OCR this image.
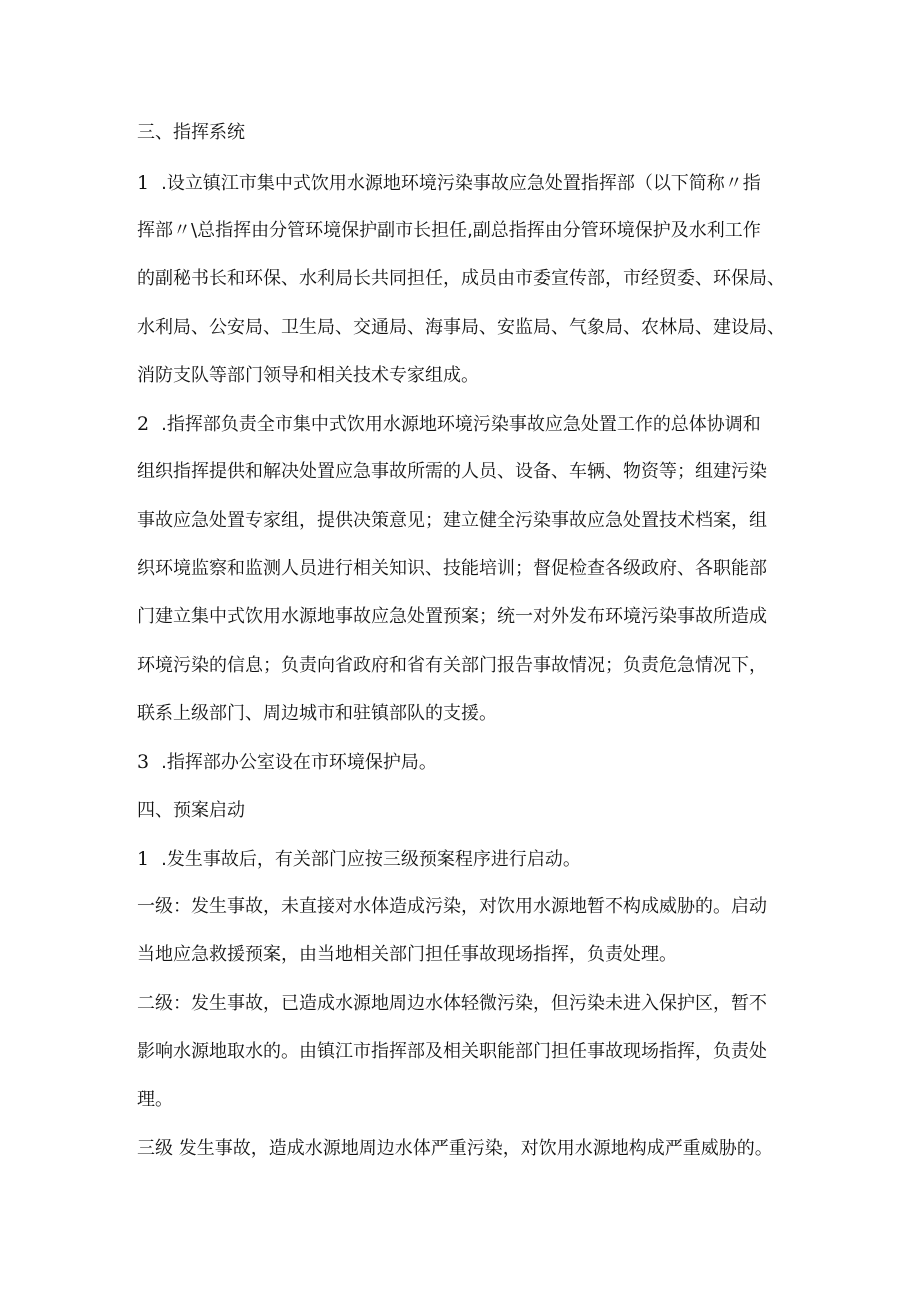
三、指挥系统
1 .设立镇江市集中式饮用水源地环境污染事故应急处置指挥部（以下简称〃指
挥部〃\总指挥由分管环境保护副市长担任,副总指挥由分管环境保护及水利工作
的副秘书长和环保、水利局长共同担任，成员由市委宣传部，市经贸委、环保局、
水利局、公安局、卫生局、交通局、海事局、安监局、气象局、农林局、建设局、
消防支队等部门领导和相关技术专家组成。
2 .指挥部负责全市集中式饮用水源地环境污染事故应急处置工作的总体协调和
组织指挥提供和解决处置应急事故所需的人员、设备、车辆、物资等；组建污染
事故应急处置专家组，提供决策意见；建立健全污染事故应急处置技术档案，组
织环境监察和监测人员进行相关知识、技能培训；督促检查各级政府、各职能部
门建立集中式饮用水源地事故应急处置预案；统一对外发布环境污染事故所造成
环境污染的信息；负责向省政府和省有关部门报告事故情况；负责危急情况下，
联系上级部门、周边城市和驻镇部队的支援。
3 .指挥部办公室设在市环境保护局。
四、预案启动
1 .发生事故后，有关部门应按三级预案程序进行启动。
一级：发生事故，未直接对水体造成污染，对饮用水源地暂不构成威胁的。启动
当地应急救援预案，由当地相关部门担任事故现场指挥，负责处理。
二级：发生事故，已造成水源地周边水体轻微污染，但污染未进入保护区，暂不
影响水源地取水的。由镇江市指挥部及相关职能部门担任事故现场指挥，负责处
理。
三级 发生事故，造成水源地周边水体严重污染，对饮用水源地构成严重威胁的。
